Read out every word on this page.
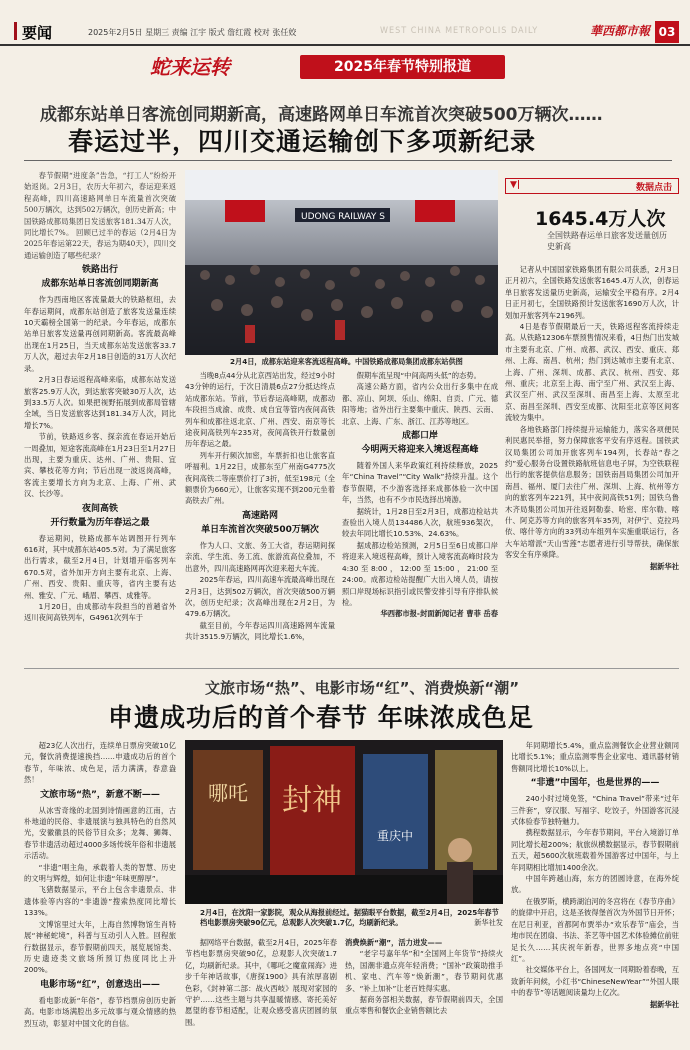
要闻	2025年2月5日 星期三 责编 江宇 版式 詹红霞 校对 张任姣	WEST CHINA METROPOLIS DAILY	華西都市報 03
蛇来运转	2025年春节特别报道
成都东站单日客流创同期新高，高速路网单日车流首次突破500万辆次……
春运过半，四川交通运输创下多项新纪录

春节假期“进度条”告急，“打工人”纷纷开始返岗。2月3日，农历大年初六，春运迎来返程高峰，四川高速路网单日车流量首次突破500万辆次，达到502万辆次，创历史新高；中国铁路成都局集团日发送旅客181.34万人次，同比增长7%。 回顾已过半的春运（2月4日为2025年春运第22天，春运为期40天），四川交通运输创造了哪些纪录？

铁路出行
成都东站单日客流创同期新高

作为西南地区客流量最大的铁路枢纽，去年春运期间，成都东站创造了旅客发送量连续10天霸榜全国第一的纪录。今年春运，成都东站单日旅客发送量再创同期新高。客流最高峰出现在1月25日，当天成都东站发送旅客33.7万人次，超过去年2月18日创造的31万人次纪录。

2月3日春运返程高峰来临，成都东站发送旅客25.9万人次，到达旅客突破30万人次，达到33.5万人次。如果把视野拓展到成都局管辖全域，当日发送旅客达到181.34万人次，同比增长7%。

节前，铁路返乡客、探亲流在春运开始后一周叠加，短途客流高峰在1月23日至1月27日出现，主要为重庆、达州、广州、贵阳、宜宾、攀枝花等方向；节后出现一波返岗高峰，客流主要增长方向为北京、上海、广州、武汉、长沙等。

夜间高铁
开行数量为历年春运之最

春运期间，铁路成都车站调图开行列车616对，其中成都东站405.5对。为了满足旅客出行需求，截至2月4日，计划增开临客列车670.5对，省外加开方向主要有北京、上海、广州、西安、贵阳、重庆等，省内主要有达州、雅安、广元、峨眉、攀西、成雅等。

1月20日，由成都动车段担当的首趟省外返川夜间高铁列车，G4961次列车于

UDONG RAILWAY S
2月4日，成都东站迎来客流返程高峰。中国铁路成都局集团成都东站供图

当晚8点44分从北京西站出发，经过9小时43分钟的运行，于次日清晨6点27分抵达终点站成都东站。节前，节后春运高峰期，成都动车段担当成渝、成贵、成自宜等管内夜间高铁列车和成都往返北京、广州、西安、南京等长途夜间高铁列车235对，夜间高铁开行数量创历年春运之最。

列车开行频次加密，车票折扣也让旅客直呼福利。1月22日，成都东至广州南G4775次夜间高铁二等座票价打了3折，低至198元（全额票价为660元），让旅客实现不到200元坐着高铁去广州。

高速路网
单日车流首次突破500万辆次

作为人口、文旅、务工大省，春运期间探亲流、学生流、务工流、旅游流高位叠加，不出意外，四川高速路网再次迎来超大车流。

2025年春运，四川高速车流最高峰出现在2月3日，达到502万辆次，首次突破500万辆次，创历史纪录；次高峰出现在2月2日，为479.6万辆次。

截至目前，今年春运四川高速路网车流量共计3515.9万辆次，同比增长1.6%，

假期车流呈现“中间高两头低”的态势。

高速公路方面，省内公众出行多集中在成都、凉山、阿坝、乐山、绵阳、自贡、广元、德阳等地；省外出行主要集中重庆、陕西、云南、北京、上海、广东、浙江、江苏等地区。

成都口岸
今明两天将迎来入境返程高峰

随着外国人来华政策红利持续释放，2025年“China Travel”“City Walk”持续升温。这个春节假期，不少游客选择来成都体验一次中国年，当然，也有不少市民选择出境游。

据统计，1月28日至2月3日，成都边检站共查验出入境人员134486人次，航班936架次，较去年同比增长10.53%、24.63%。

据成都边检站预测，2月5日至6日成都口岸将迎来入境返程高峰，预计入境客流高峰时段为4:30至8:00，12:00至15:00，21:00至24:00。成都边检站提醒广大出入境人员，请按照口岸现场标识指引或民警安排引导有序排队候检。

华西都市报-封面新闻记者 曹菲 岳春
▼|	数据点击
1645.4万人次
全国铁路春运单日旅客发送量创历史新高

记者从中国国家铁路集团有限公司获悉，2月3日正月初六，全国铁路发送旅客1645.4万人次，创春运单日旅客发送量历史新高，运输安全平稳有序。2月4日正月初七，全国铁路预计发送旅客1690万人次，计划加开旅客列车2196列。

4日是春节假期最后一天，铁路返程客流持续走高。从铁路12306车票预售情况来看，4日热门出发城市主要有北京、广州、成都、武汉、西安、重庆、郑州、上海、南昌、杭州；热门到达城市主要有北京、上海、广州、深圳、成都、武汉、杭州、西安、郑州、重庆；北京至上海、南宁至广州、武汉至上海、武汉至广州、武汉至深圳、南昌至上海、太原至北京、南昌至深圳、西安至成都、沈阳至北京等区间客流较为集中。

各地铁路部门持续提升运输能力，落实各项便民利民惠民举措，努力保障旅客平安有序返程。国铁武汉局集团公司加开旅客列车194列，长春站“春之约”爱心服务台设置铁路航班信息电子屏，为空铁联程出行的旅客提供信息服务；国铁南昌局集团公司加开南昌、福州、厦门去往广州、深圳、上海、杭州等方向的旅客列车221列，其中夜间高铁51列；国铁乌鲁木齐局集团公司加开往返阿勒泰、哈密、库尔勒、喀什、阿克苏等方向的旅客列车35列，对伊宁、克拉玛依、喀什等方向的33列动车组列车实施重联运行，各大车站增派“天山雪莲”志愿者进行引导帮扶，确保旅客安全有序乘降。

据新华社
文旅市场“热”、电影市场“红”、消费焕新“潮”
申遗成功后的首个春节 年味浓成色足

超23亿人次出行，连续单日票房突破10亿元，餐饮消费提速换挡……申遗成功后的首个春节，年味浓、成色足，活力满满，春意盎然！

文旅市场“热”，新意不断——

从冰雪奇缘的北国到诗情画意的江南，古朴地道的民俗、非遗展演与独具特色的自然风光，安徽徽县的民俗节目众多；龙舞、狮舞、春节非遗活动超过4000多场传统年俗和非遗展示活动。

“非遗”唱主角，承载着人类的智慧、历史的文明与辉煌，如何让非遗“年味更醇厚”。

飞猪数据显示，平台上包含非遗景点、非遗体验等内容的“非遗游”搜索热度同比增长133%。

文博馆里过大年，上海自然博物馆生肖特展“神秘蛇境”，科普与互动引人入胜。回程旅行数据显示，春节假期前四天，展览展馆类、历史遗迹类文旅场所预订热度同比上升200%。

电影市场“红”，创意迭出——

看电影成新“年俗”，春节档票房创历史新高。电影市场满腔出多元故事与观众情感的热烈互动，彰显对中国文化的自信。

哪吒 封神
重庆中
2月4日，在沈阳一家影院，观众从海报前经过。据猫眼平台数据，截至2月4日，2025年春节档电影票房突破90亿元，总观影人次突破1.7亿，均刷新纪录。	新华社发

据网络平台数据，截至2月4日，2025年春节档电影票房突破90亿，总观影人次突破1.7亿，均刷新纪录。其中，《哪吒之魔童闹海》进步千年神话故事，《唐探1900》具有浓厚喜剧色彩，《封神第二部：战火西岐》展现对家园的守护……这些主题与共享温暖情感、寄托美好愿望的春节相适配，让观众感受喜庆团圆的氛围。

消费焕新“潮”，活力迸发——

“老字号嘉年华”和“全国网上年货节”持续火热，国潮非遗点亮年轻消费；“国补”政策助推手机、家电、汽车等“焕新潮”，春节期间优惠多、“补上加补”让老百姓得实惠。

据商务部相关数据，春节假期前四天，全国重点零售和餐饮企业销售额比去

年同期增长5.4%，重点监测餐饮企业营业额同比增长5.1%；重点监测零售企业家电、通讯器材销售额同比增长10%以上。

“非遗”中国年，也是世界的——

240小时过境免签，“China Travel”带来“过年三件套”，穿汉服、写福字、吃饺子，外国游客沉浸式体验春节独特魅力。

携程数据显示，今年春节期间，平台入境游订单同比增长超200%；航旅纵横数据显示，春节假期前五天，超5600次航班载着外国游客过中国年，与上年同期相比增加1400余次。

中国年跨越山海，东方的团圆诗意，在海外绽放。

在俄罗斯，横跨湖泊河的冬宫将在《春节序曲》的旋律中开启，这是圣彼得堡首次为外国节日开怀；在尼日利亚，首都阿布贾举办“欢乐春节”庙会，当地市民在团扇、书法、茶艺等中国艺术体验摊位前驻足长久……其庆祝年新春，世界多地点亮“中国红”。

社交媒体平台上，各国网友一同期盼着春晚，互致新年问候，小红书“ChineseNewYear”“外国人眼中的春节”等话题阅读量均上亿次。

据新华社
